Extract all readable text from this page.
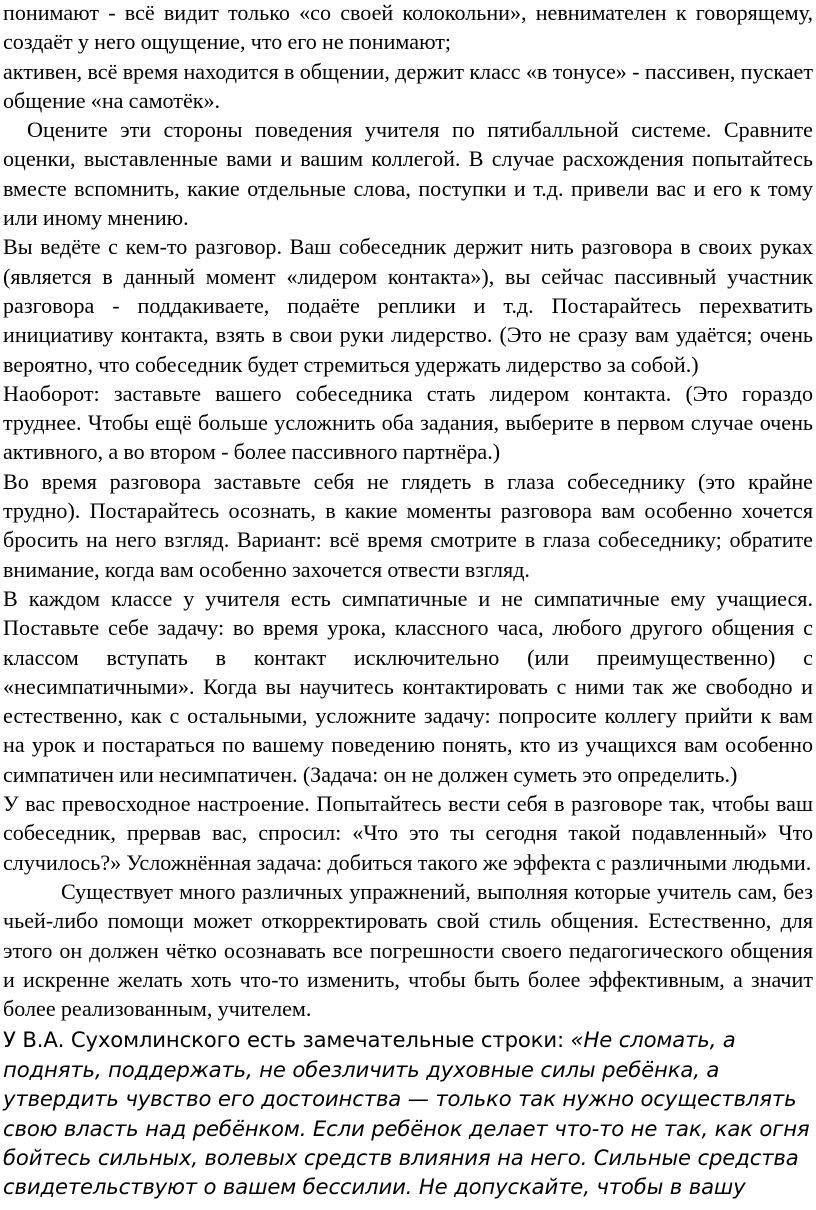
понимают - всё видит только «со своей колокольни», невнимателен к говорящему, создаёт у него ощущение, что его не понимают;

активен, всё время находится в общении, держит класс «в тонусе» - пассивен, пускает общение «на самотёк».

Оцените эти стороны поведения учителя по пятибалльной системе. Сравните оценки, выставленные вами и вашим коллегой. В случае расхождения попытайтесь вместе вспомнить, какие отдельные слова, поступки и т.д. привели вас и его к тому или иному мнению.

Вы ведёте с кем-то разговор. Ваш собеседник держит нить разговора в своих руках (является в данный момент «лидером контакта»), вы сейчас пассивный участник разговора - поддакиваете, подаёте реплики и т.д. Постарайтесь перехватить инициативу контакта, взять в свои руки лидерство. (Это не сразу вам удаётся; очень вероятно, что собеседник будет стремиться удержать лидерство за собой.)

Наоборот: заставьте вашего собеседника стать лидером контакта. (Это гораздо труднее. Чтобы ещё больше усложнить оба задания, выберите в первом случае очень активного, а во втором - более пассивного партнёра.)

Во время разговора заставьте себя не глядеть в глаза собеседнику (это крайне трудно). Постарайтесь осознать, в какие моменты разговора вам особенно хочется бросить на него взгляд. Вариант: всё время смотрите в глаза собеседнику; обратите внимание, когда вам особенно захочется отвести взгляд.

В каждом классе у учителя есть симпатичные и не симпатичные ему учащиеся. Поставьте себе задачу: во время урока, классного часа, любого другого общения с классом вступать в контакт исключительно (или преимущественно) с «несимпатичными». Когда вы научитесь контактировать с ними так же свободно и естественно, как с остальными, усложните задачу: попросите коллегу прийти к вам на урок и постараться по вашему поведению понять, кто из учащихся вам особенно симпатичен или несимпатичен. (Задача: он не должен суметь это определить.)

У вас превосходное настроение. Попытайтесь вести себя в разговоре так, чтобы ваш собеседник, прервав вас, спросил: «Что это ты сегодня такой подавленный» Что случилось?» Усложнённая задача: добиться такого же эффекта с различными людьми.

Существует много различных упражнений, выполняя которые учитель сам, без чьей-либо помощи может откорректировать свой стиль общения. Естественно, для этого он должен чётко осознавать все погрешности своего педагогического общения и искренне желать хоть что-то изменить, чтобы быть более эффективным, а значит более реализованным, учителем.

У В.А. Сухомлинского есть замечательные строки: «Не сломать, а поднять, поддержать, не обезличить духовные силы ребёнка, а утвердить чувство его достоинства — только так нужно осуществлять свою власть над ребёнком. Если ребёнок делает что-то не так, как огня бойтесь сильных, волевых средств влияния на него. Сильные средства свидетельствуют о вашем бессилии. Не допускайте, чтобы в вашу
